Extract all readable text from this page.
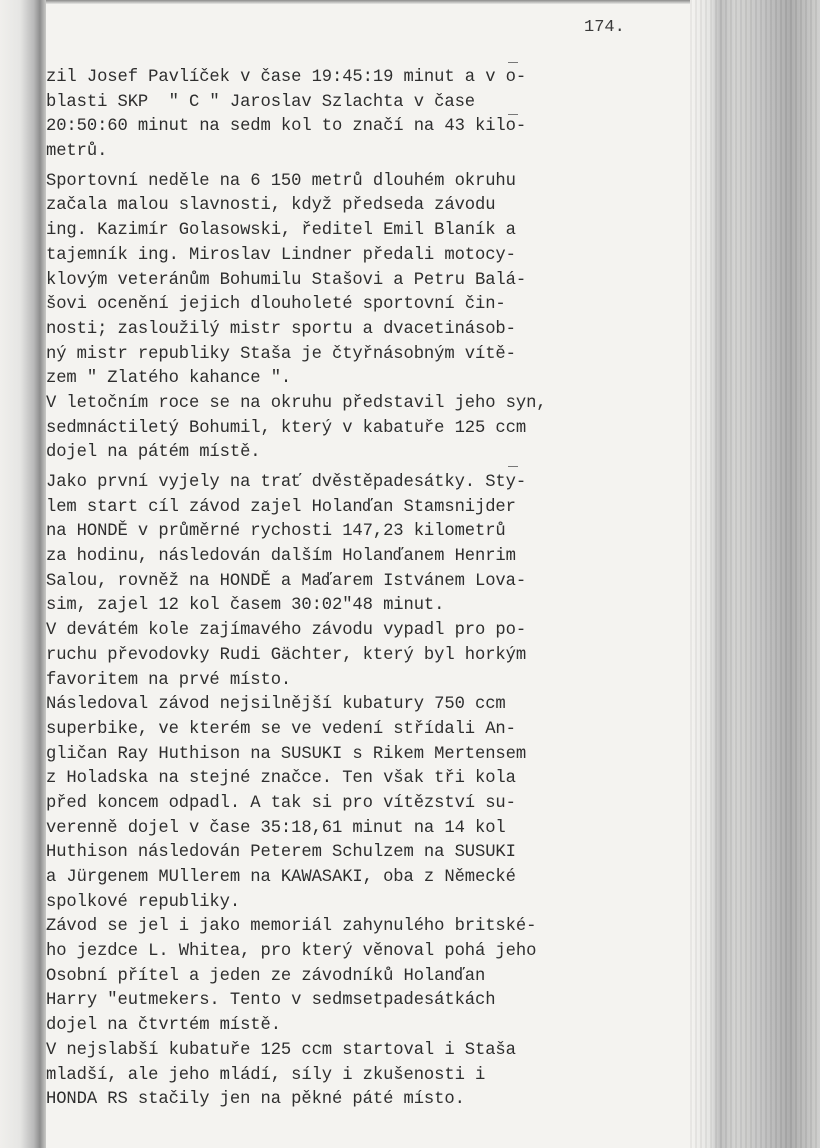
174.
zil Josef Pavlíček v čase 19:45:19 minut a v o-
blasti SKP  " C " Jaroslav Szlachta v čase
20:50:60 minut na sedm kol to značí na 43 kilo-
metrů.
Sportovní neděle na 6 150 metrů dlouhém okruhu
začala malou slavnosti, když předseda závodu
ing. Kazimír Golasowski, ředitel Emil Blaník a
tajemník ing. Miroslav Lindner předali motocy-
klovým veteránům Bohumilu Stašovi a Petru Balá-
šovi ocenění jejich dlouholeté sportovní čin-
nosti; zasloužilý mistr sportu a dvacetinásob-
ný mistr republiky Staša je čtyřnásobným vítě-
zem " Zlatého kahance ".
V letočním roce se na okruhu představil jeho syn,
sedmnáctiletý Bohumil, který v kabatuře 125 ccm
dojel na pátém místě.
Jako první vyjely na trať dvěstěpadesátky. Sty-
lem start cíl závod zajel Holanďan Stamsnijder
na HONDĚ v průměrné rychosti 147,23 kilometrů
za hodinu, následován dalším Holanďanem Henrim
Salou, rovněž na HONDĚ a Maďarem Istvánem Lova-
sim, zajel 12 kol časem 30:02"48 minut.
V devátém kole zajímavého závodu vypadl pro po-
ruchu převodovky Rudi Gächter, který byl horkým
favoritem na prvé místo.
Následoval závod nejsilnější kubatury 750 ccm
superbike, ve kterém se ve vedení střídali An-
gličan Ray Huthison na SUSUKI s Rikem Mertensem
z Holadska na stejné značce. Ten však tři kola
před koncem odpadl. A tak si pro vítězství su-
verenně dojel v čase 35:18,61 minut na 14 kol
Huthison následován Peterem Schulzem na SUSUKI
a Jürgenem MUllerem na KAWASAKI, oba z Německé
spolkové republiky.
Závod se jel i jako memoriál zahynulého britské-
ho jezdce L. Whitea, pro který věnoval pohá jeho
Osobní přítel a jeden ze závodníků Holanďan
Harry "eutmekers. Tento v sedmsetpadesátkách
dojel na čtvrtém místě.
V nejslabší kubatuře 125 ccm startoval i Staša
mladší, ale jeho mládí, síly i zkušenosti i
HONDA RS stačily jen na pěkné páté místo.
